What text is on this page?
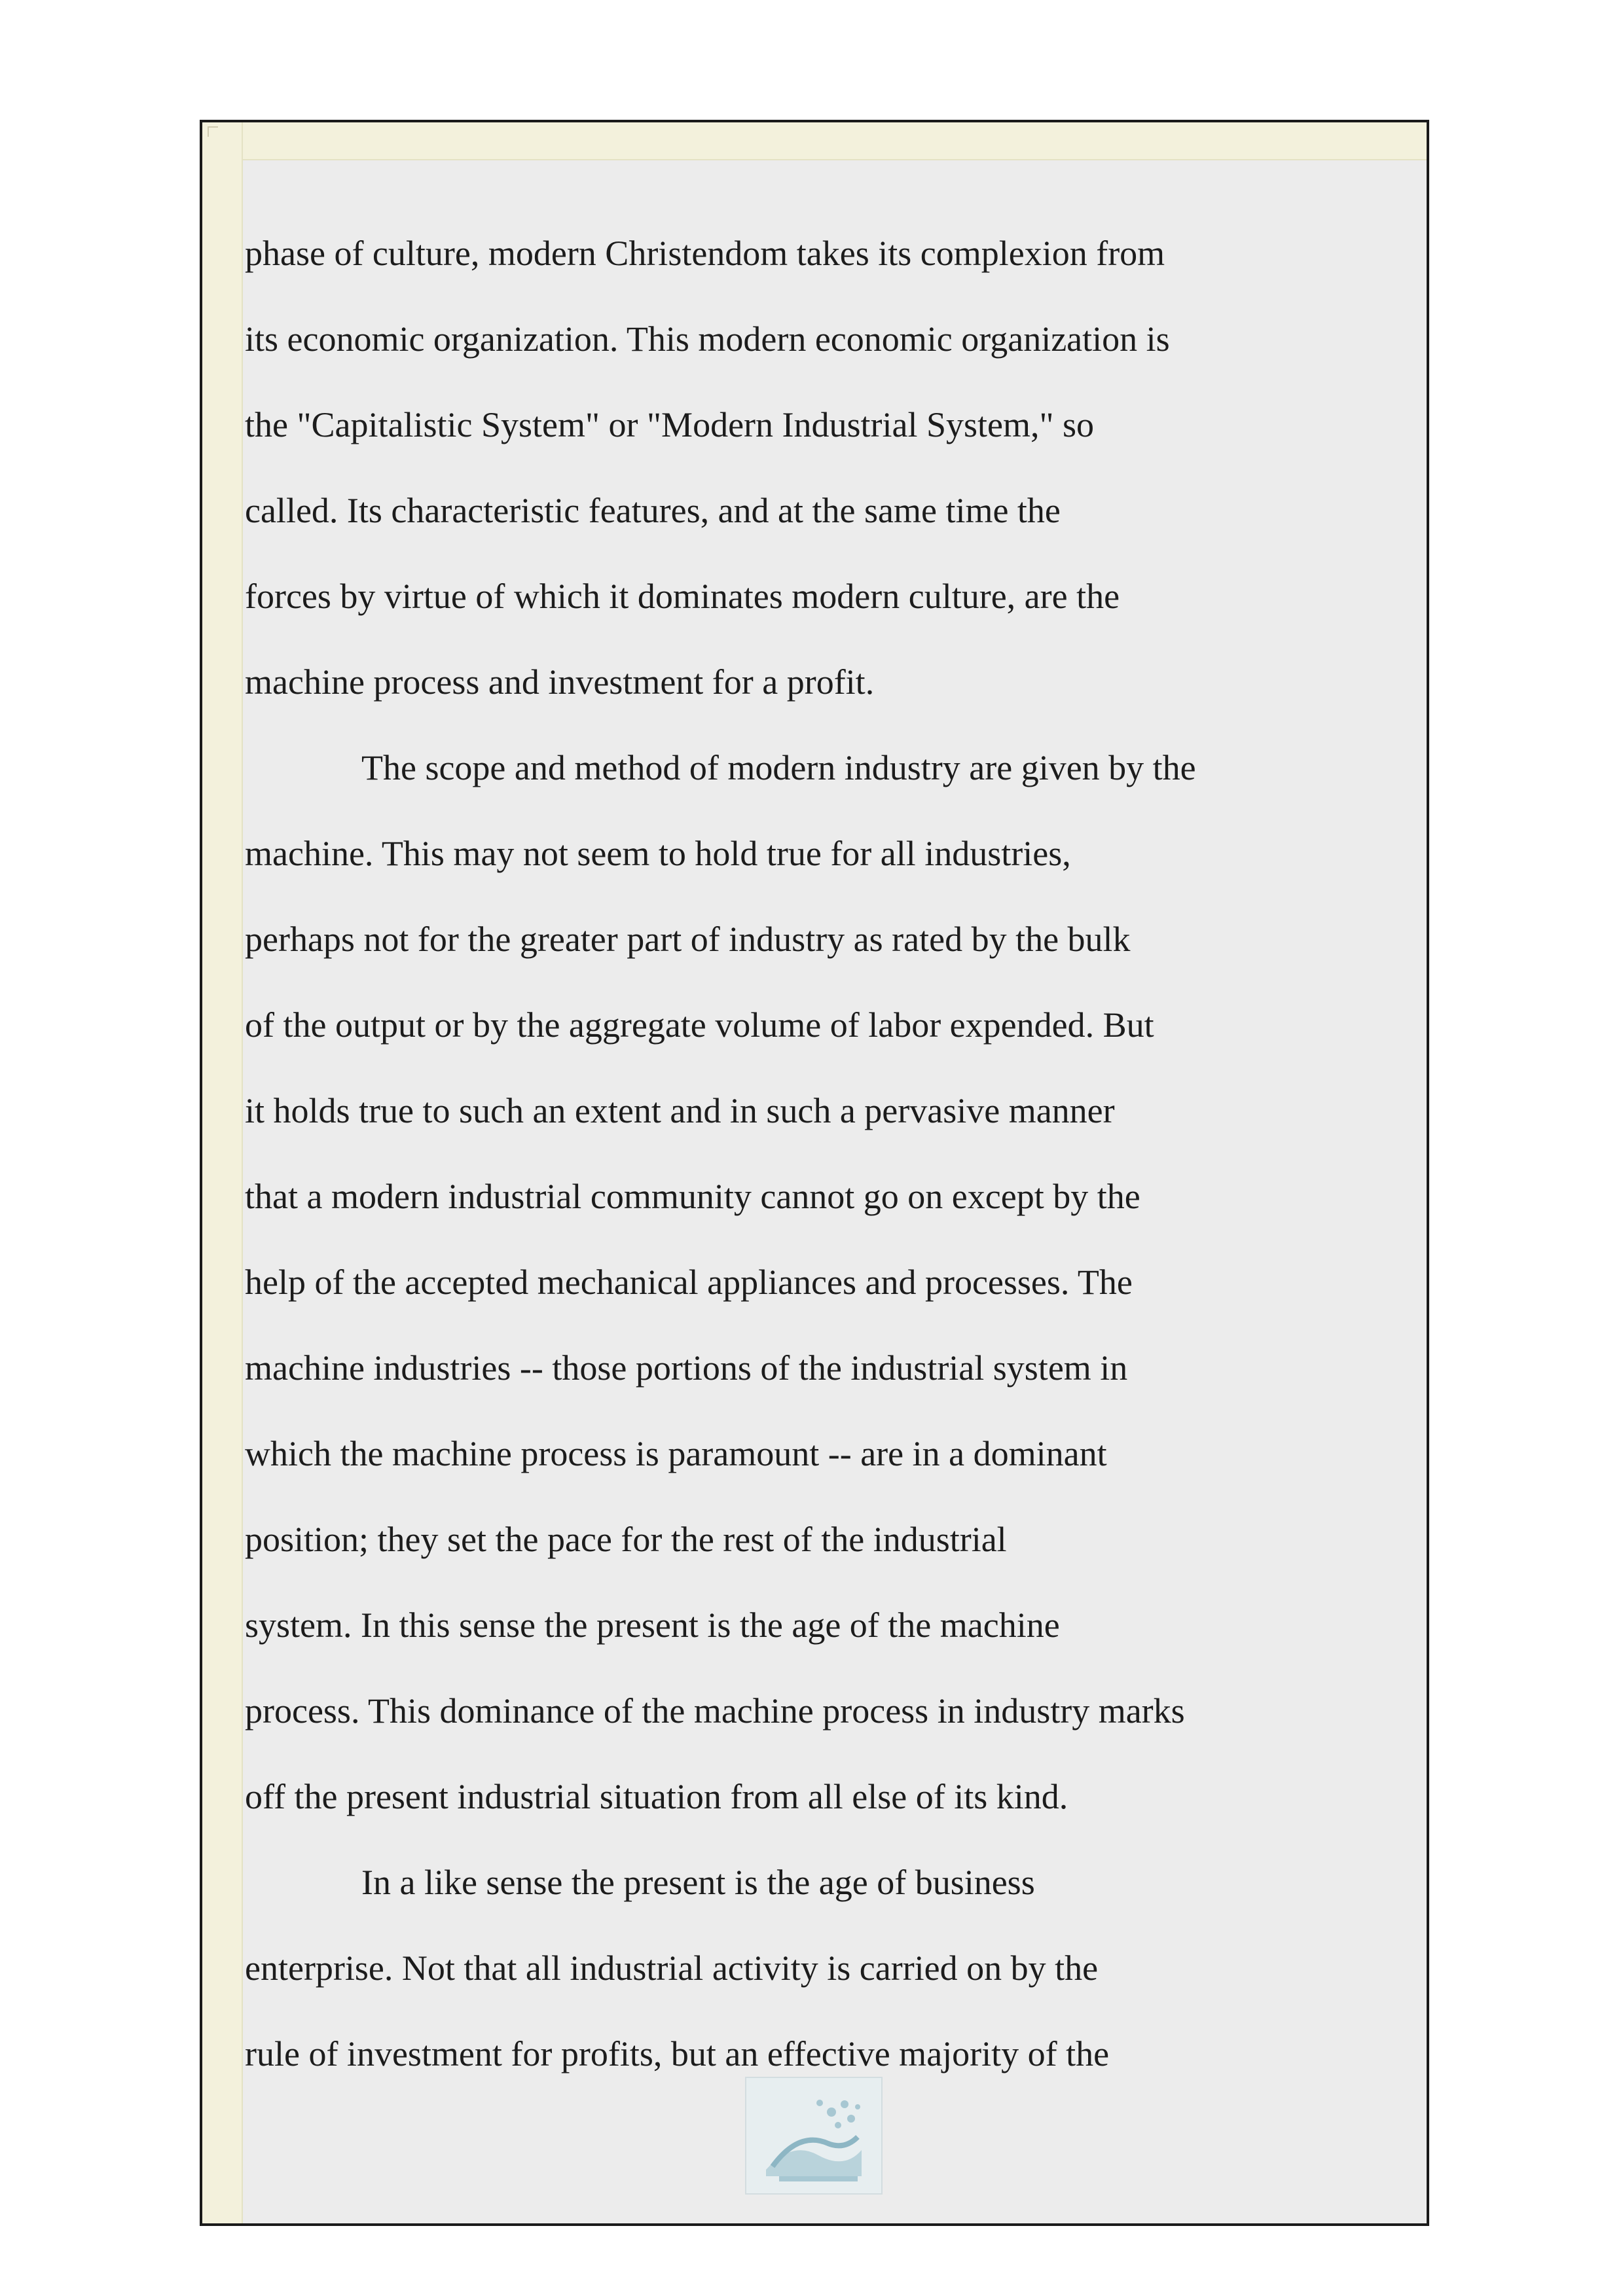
phase of culture, modern Christendom takes its complexion from
its economic organization. This modern economic organization is
the "Capitalistic System" or "Modern Industrial System," so
called. Its characteristic features, and at the same time the
forces by virtue of which it dominates modern culture, are the
machine process and investment for a profit.
The scope and method of modern industry are given by the
machine. This may not seem to hold true for all industries,
perhaps not for the greater part of industry as rated by the bulk
of the output or by the aggregate volume of labor expended. But
it holds true to such an extent and in such a pervasive manner
that a modern industrial community cannot go on except by the
help of the accepted mechanical appliances and processes. The
machine industries -- those portions of the industrial system in
which the machine process is paramount -- are in a dominant
position; they set the pace for the rest of the industrial
system. In this sense the present is the age of the machine
process. This dominance of the machine process in industry marks
off the present industrial situation from all else of its kind.
In a like sense the present is the age of business
enterprise. Not that all industrial activity is carried on by the
rule of investment for profits, but an effective majority of the
